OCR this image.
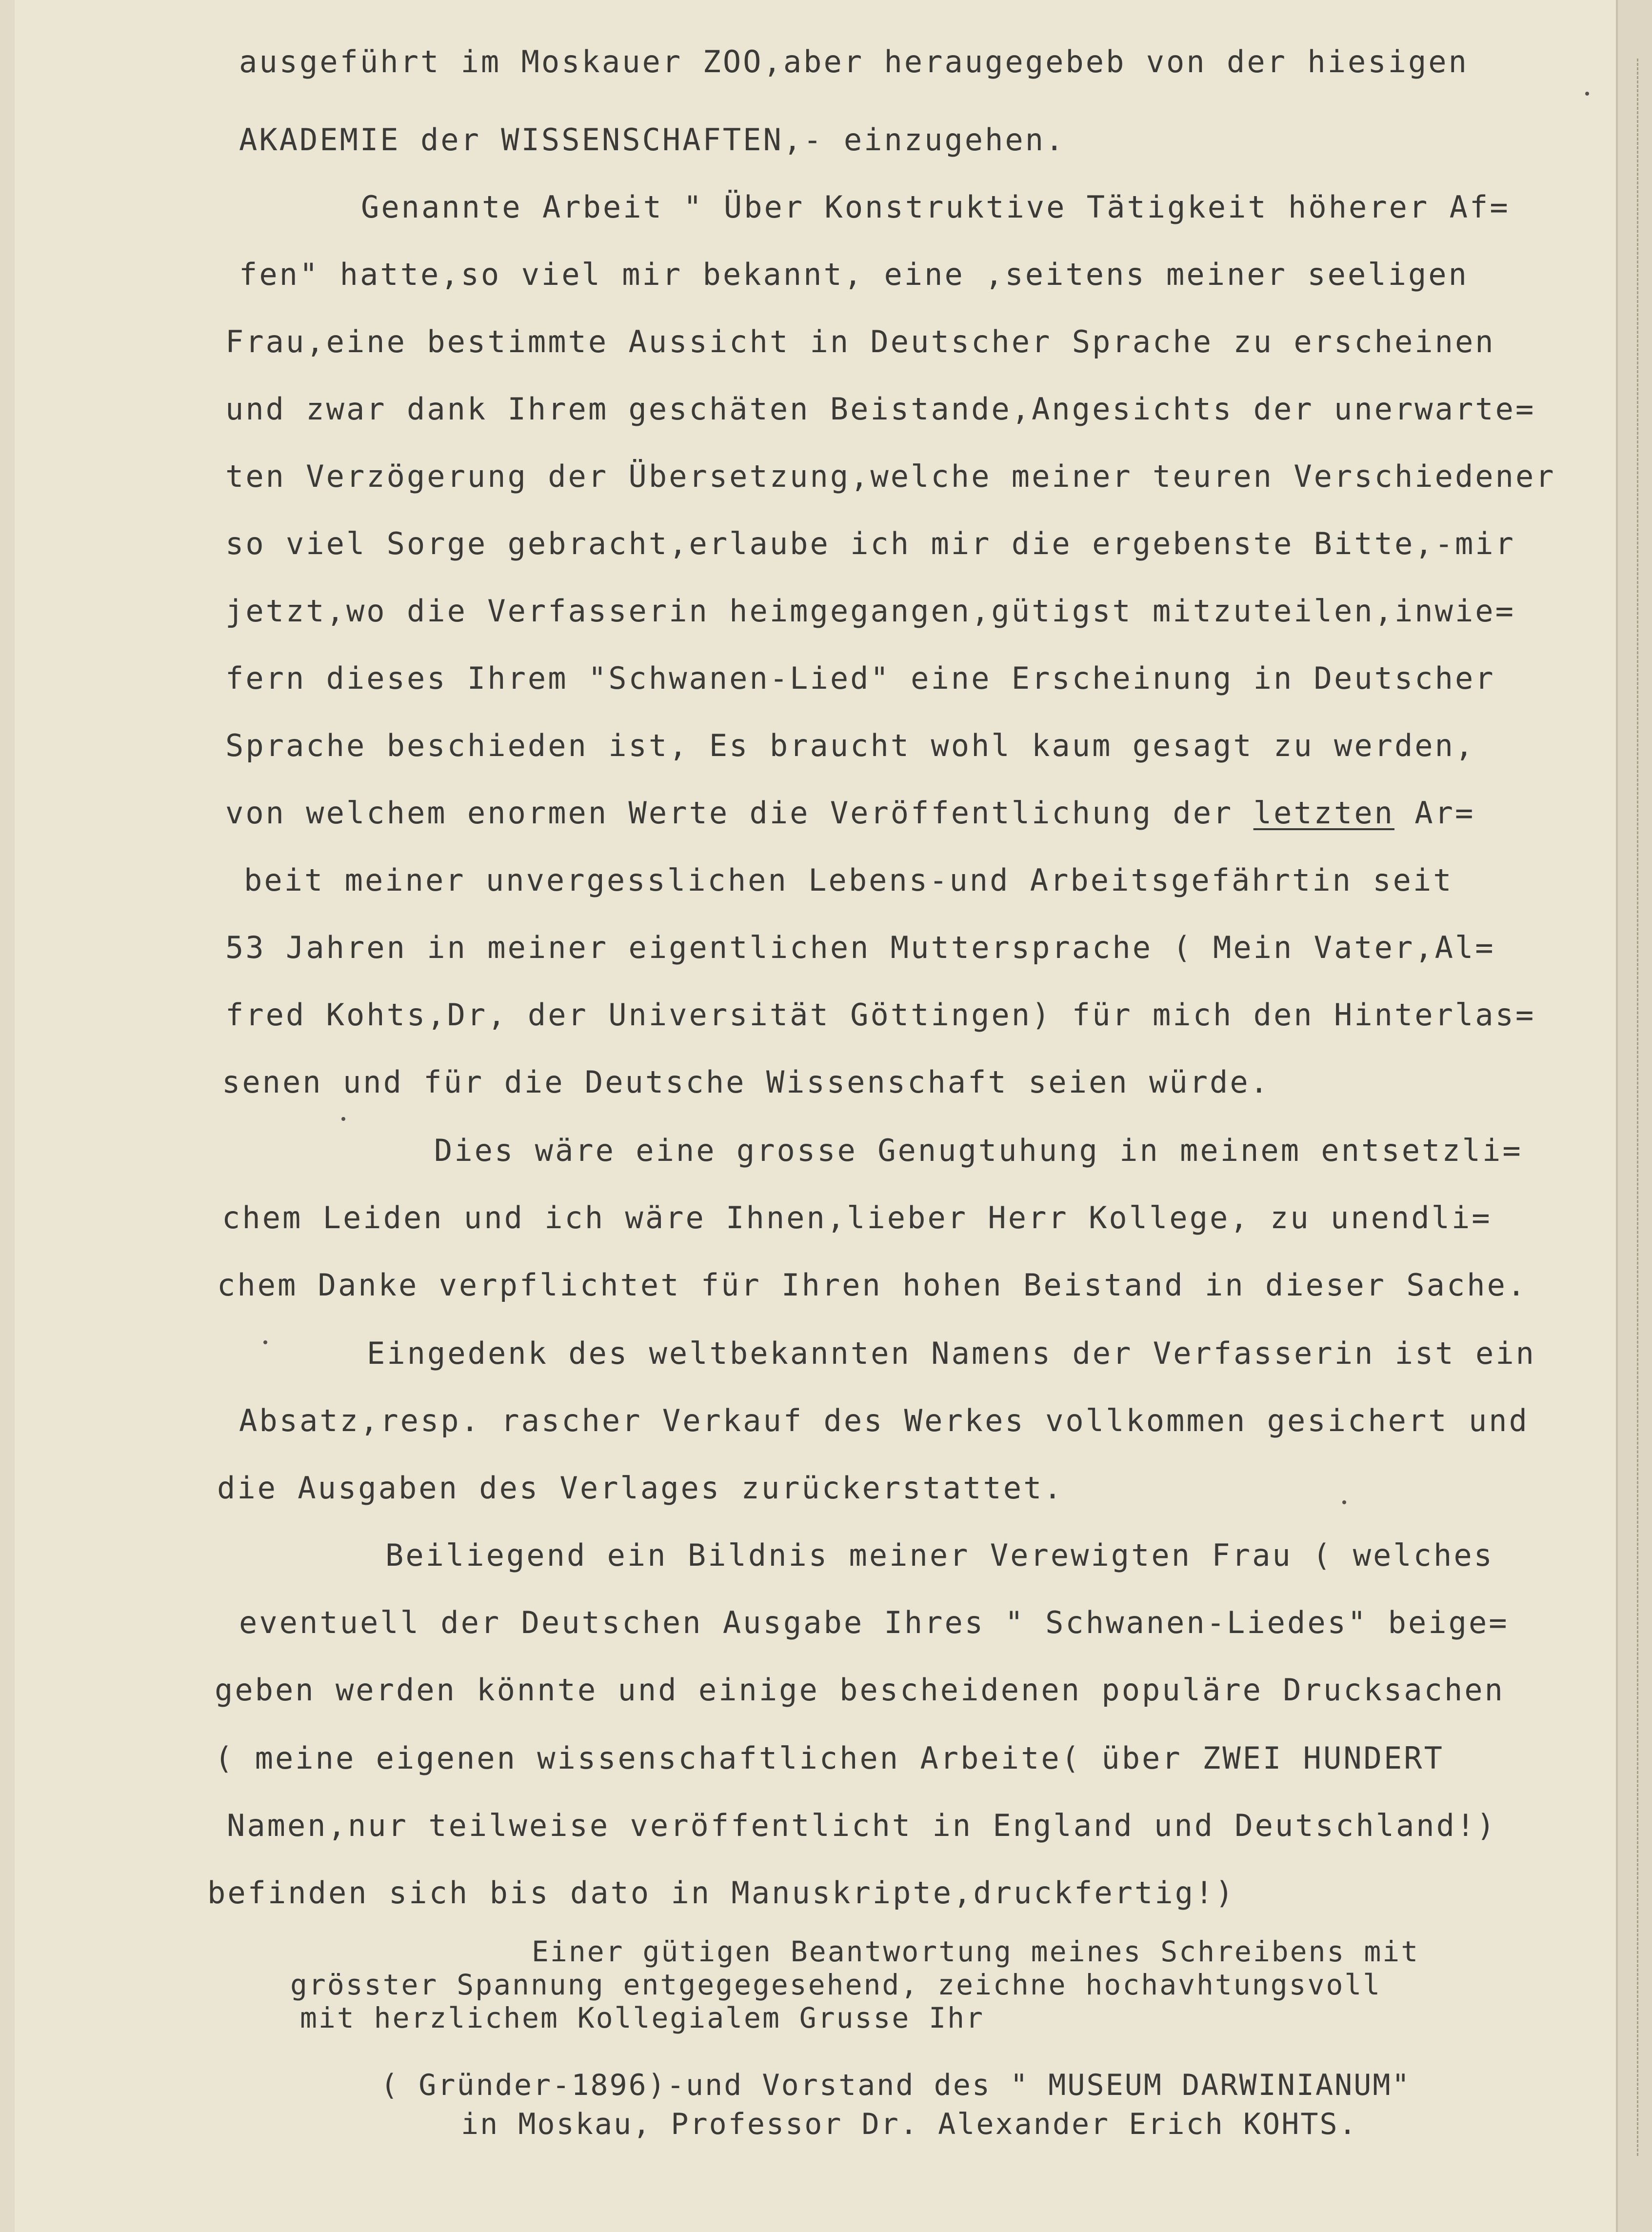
ausgeführt im Moskauer ZOO,aber heraugegebeb von der hiesigen

AKADEMIE der WISSENSCHAFTEN,- einzugehen.

Genannte Arbeit " Über Konstruktive Tätigkeit höherer Af=

fen" hatte,so viel mir bekannt, eine ,seitens meiner seeligen

Frau,eine bestimmte Aussicht in Deutscher Sprache zu erscheinen

und zwar dank Ihrem geschäten Beistande,Angesichts der unerwarte=

ten Verzögerung der Übersetzung,welche meiner teuren Verschiedener

so viel Sorge gebracht,erlaube ich mir die ergebenste Bitte,-mir

jetzt,wo die Verfasserin heimgegangen,gütigst mitzuteilen,inwie=

fern dieses Ihrem "Schwanen-Lied" eine Erscheinung in Deutscher

Sprache beschieden ist, Es braucht wohl kaum gesagt zu werden,

von welchem enormen Werte die Veröffentlichung der letzten Ar=

beit meiner unvergesslichen Lebens-und Arbeitsgefährtin seit

53 Jahren in meiner eigentlichen Muttersprache ( Mein Vater,Al=

fred Kohts,Dr, der Universität Göttingen) für mich den Hinterlas=

senen und für die Deutsche Wissenschaft seien würde.

Dies wäre eine grosse Genugtuhung in meinem entsetzli=

chem Leiden und ich wäre Ihnen,lieber Herr Kollege, zu unendli=

chem Danke verpflichtet für Ihren hohen Beistand in dieser Sache.

Eingedenk des weltbekannten Namens der Verfasserin ist ein

Absatz,resp. rascher Verkauf des Werkes vollkommen gesichert und

die Ausgaben des Verlages zurückerstattet.

Beiliegend ein Bildnis meiner Verewigten Frau ( welches

eventuell der Deutschen Ausgabe Ihres " Schwanen-Liedes" beige=

geben werden könnte und einige bescheidenen populäre Drucksachen

( meine eigenen wissenschaftlichen Arbeite( über ZWEI HUNDERT

Namen,nur teilweise veröffentlicht in England und Deutschland!)

befinden sich bis dato in Manuskripte,druckfertig!)

Einer gütigen Beantwortung meines Schreibens mit

grösster Spannung entgegegesehend, zeichne hochavhtungsvoll

mit herzlichem Kollegialem Grusse Ihr

( Gründer-1896)-und Vorstand des " MUSEUM DARWINIANUM"

in Moskau, Professor Dr. Alexander Erich KOHTS.
